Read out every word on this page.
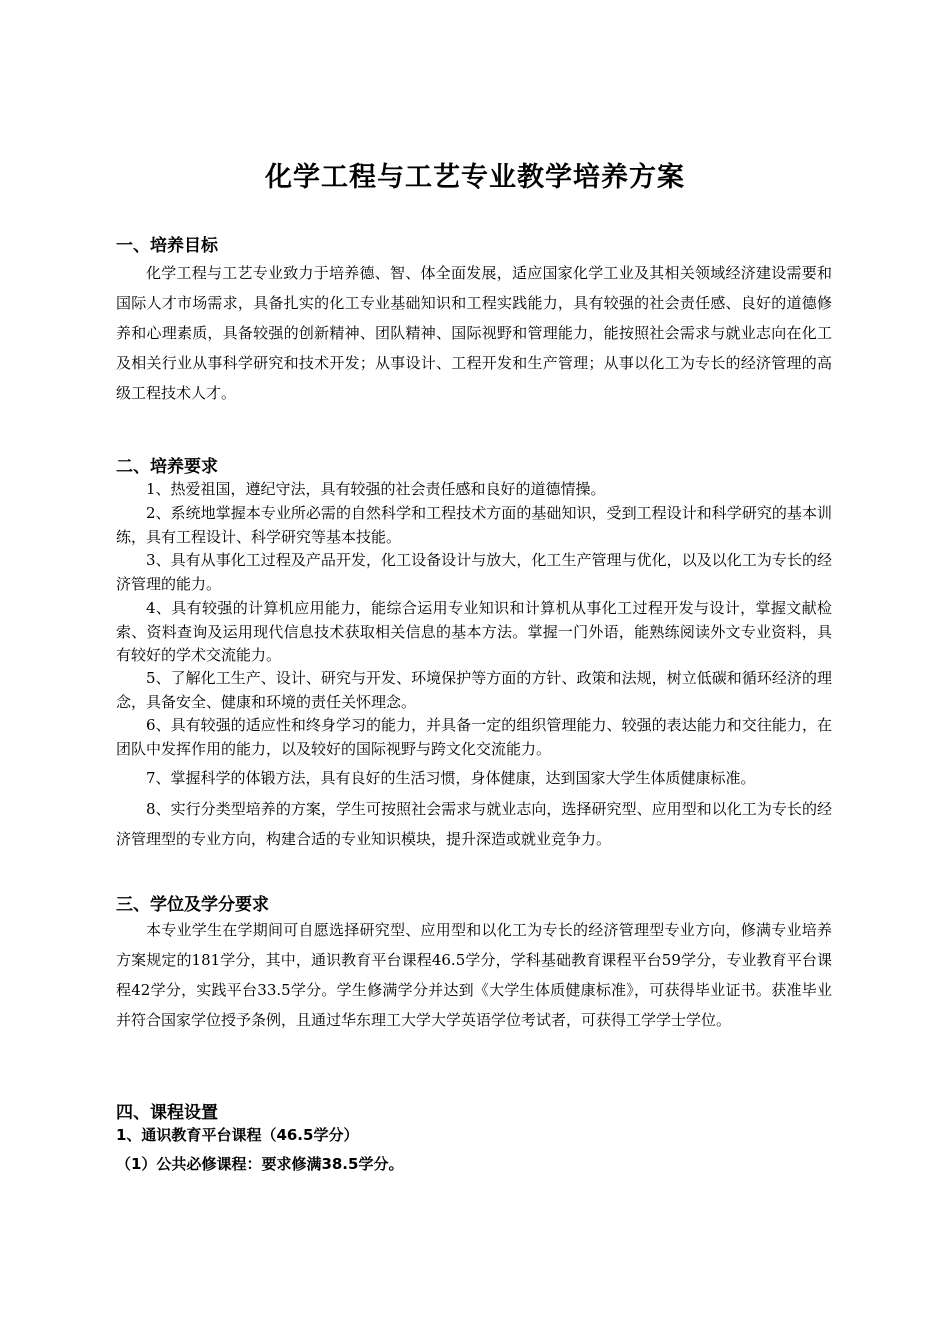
化学工程与工艺专业教学培养方案
一、培养目标

化学工程与工艺专业致力于培养德、智、体全面发展，适应国家化学工业及其相关领域经济建设需要和国际人才市场需求，具备扎实的化工专业基础知识和工程实践能力，具有较强的社会责任感、良好的道德修养和心理素质，具备较强的创新精神、团队精神、国际视野和管理能力，能按照社会需求与就业志向在化工及相关行业从事科学研究和技术开发；从事设计、工程开发和生产管理；从事以化工为专长的经济管理的高级工程技术人才。

二、培养要求

1、热爱祖国，遵纪守法，具有较强的社会责任感和良好的道德情操。

2、系统地掌握本专业所必需的自然科学和工程技术方面的基础知识，受到工程设计和科学研究的基本训练，具有工程设计、科学研究等基本技能。

3、具有从事化工过程及产品开发，化工设备设计与放大，化工生产管理与优化，以及以化工为专长的经济管理的能力。

4、具有较强的计算机应用能力，能综合运用专业知识和计算机从事化工过程开发与设计，掌握文献检索、资料查询及运用现代信息技术获取相关信息的基本方法。掌握一门外语，能熟练阅读外文专业资料，具有较好的学术交流能力。

5、了解化工生产、设计、研究与开发、环境保护等方面的方针、政策和法规，树立低碳和循环经济的理念，具备安全、健康和环境的责任关怀理念。

6、具有较强的适应性和终身学习的能力，并具备一定的组织管理能力、较强的表达能力和交往能力，在团队中发挥作用的能力，以及较好的国际视野与跨文化交流能力。

7、掌握科学的体锻方法，具有良好的生活习惯，身体健康，达到国家大学生体质健康标准。

8、实行分类型培养的方案，学生可按照社会需求与就业志向，选择研究型、应用型和以化工为专长的经济管理型的专业方向，构建合适的专业知识模块，提升深造或就业竞争力。

三、学位及学分要求

本专业学生在学期间可自愿选择研究型、应用型和以化工为专长的经济管理型专业方向，修满专业培养方案规定的181学分，其中，通识教育平台课程46.5学分，学科基础教育课程平台59学分，专业教育平台课程42学分，实践平台33.5学分。学生修满学分并达到《大学生体质健康标准》，可获得毕业证书。获准毕业并符合国家学位授予条例，且通过华东理工大学大学英语学位考试者，可获得工学学士学位。

四、课程设置
1、通识教育平台课程（46.5学分）
（1）公共必修课程：要求修满38.5学分。
